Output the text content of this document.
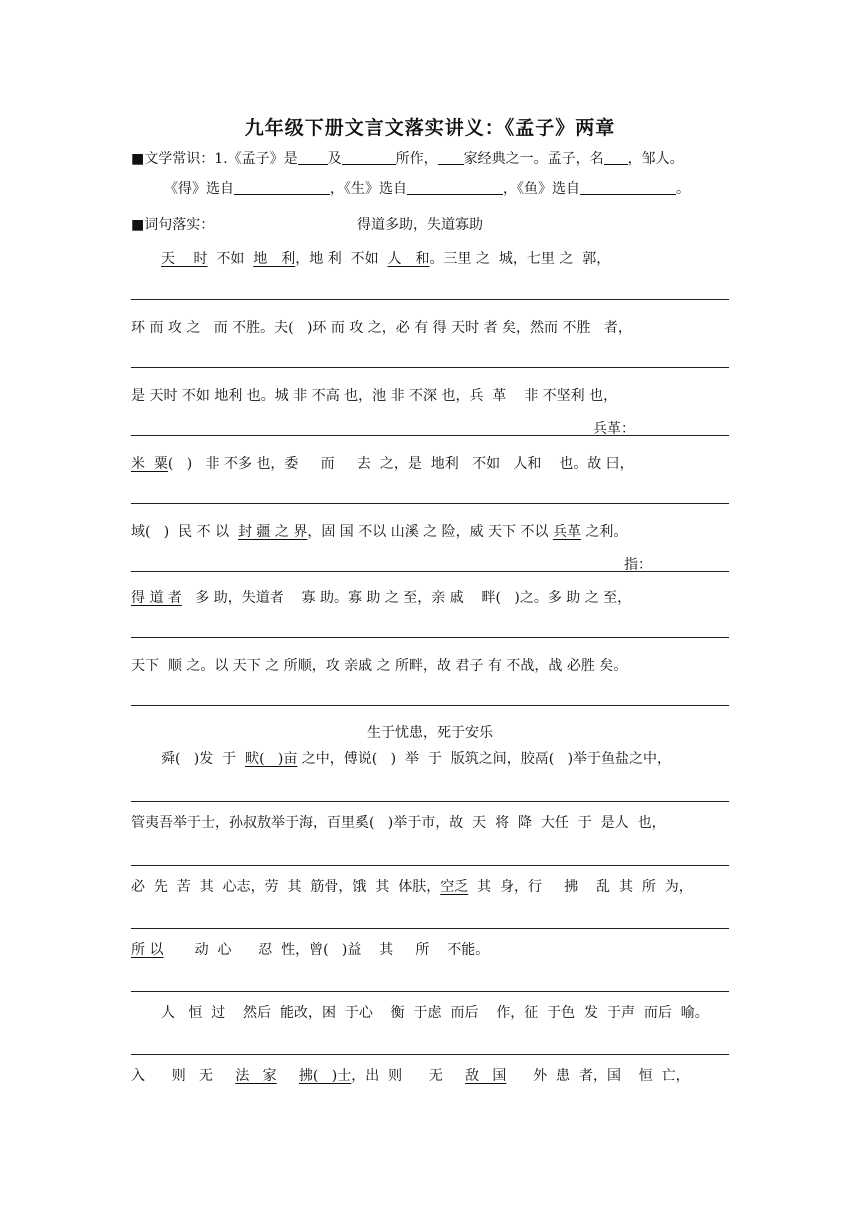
九年级下册文言文落实讲义：《孟子》两章
■文学常识：1.《孟子》是 及	所作， 家经典之一。孟子，名 ，邹人。
《得》选自	，《生》选自	，《鱼》选自	。
■词句落实：	得道多助，失道寡助
天　 时  不如  地　利，地 利  不如  人　和。三里 之  城，七里 之  郭，
环 而 攻 之   而 不胜。夫(   )环 而 攻 之，必 有 得 天时 者 矣，然而 不胜   者，
是 天时 不如 地利 也。城 非 不高 也，池 非 不深 也，兵  革    非 不坚利 也，
兵革：
米  粟(   )   非 不多 也，委     而     去  之，是  地利   不如   人和    也。故 曰，
域(   )  民 不 以  封 疆 之 界，固 国 不以 山溪 之 险，威 天下 不以 兵革 之利。
指：
得 道 者   多 助，失道者    寡 助。寡 助 之 至，亲 戚    畔(   )之。多 助 之 至，
天下  顺 之。以 天下 之 所顺，攻 亲戚 之 所畔，故 君子 有 不战，战 必胜 矣。
生于忧患，死于安乐
舜(   )发  于  畎(   )亩 之中，傅说(   )  举  于  版筑之间，胶鬲(   )举于鱼盐之中，
管夷吾举于士，孙叔敖举于海，百里奚(   )举于市，故  天  将  降  大任  于  是人  也，
必  先  苦  其  心志，劳  其  筋骨，饿  其  体肤，空乏  其  身，行     拂    乱  其  所  为，
所 以       动  心      忍  性，曾(   )益    其     所    不能。
人   恒  过    然后  能改，困  于心    衡  于虑  而后    作，征  于色  发  于声  而后  喻。
入      则   无     法   家 拂(   )士，出  则      无     敌   国      外  患  者，国    恒  亡，
